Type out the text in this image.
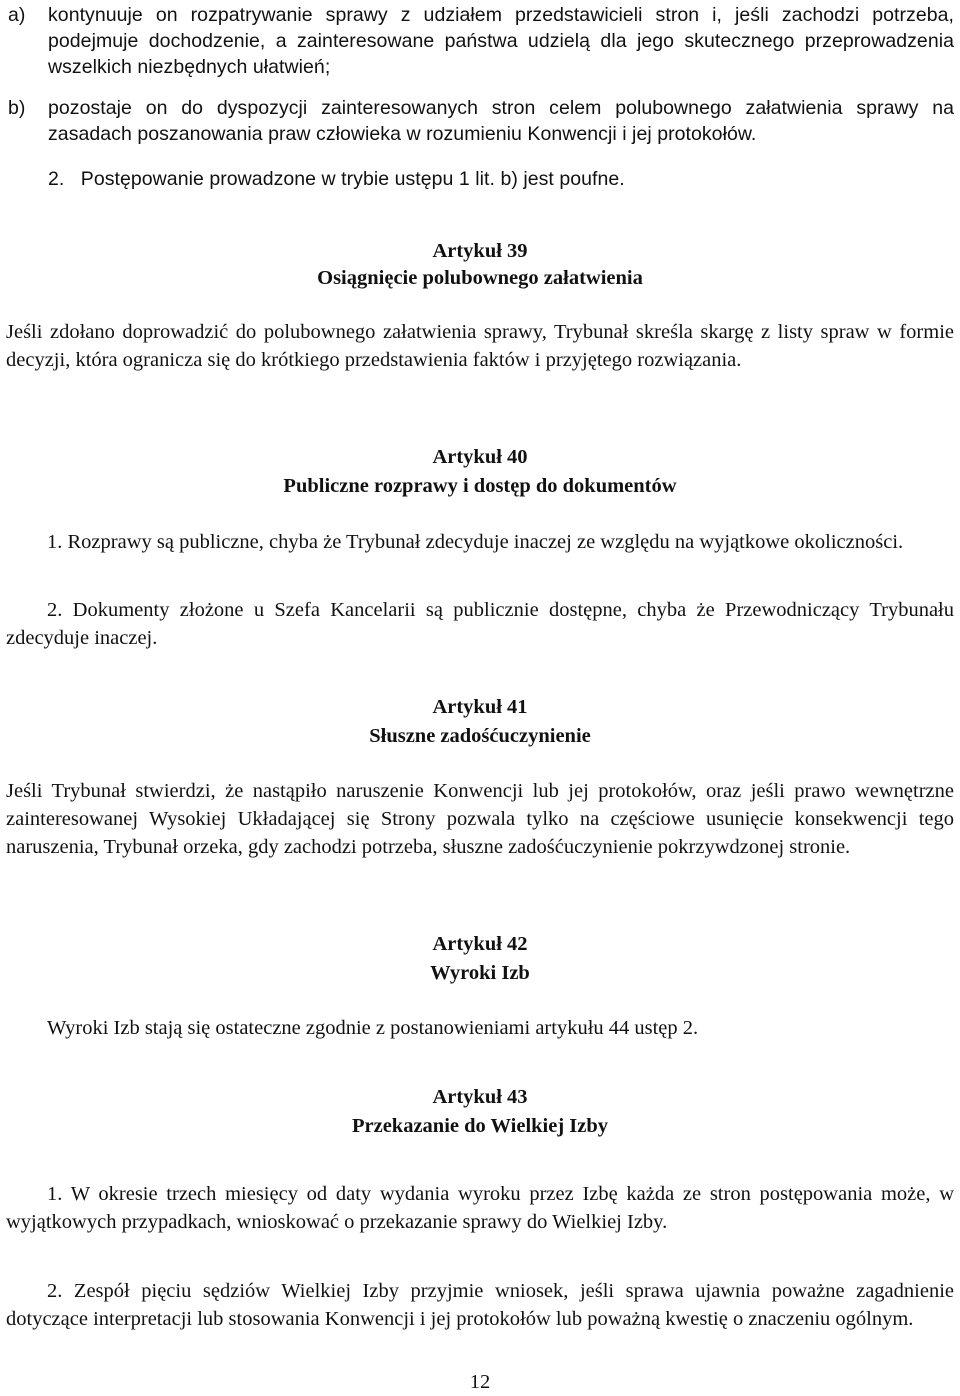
a) kontynuuje on rozpatrywanie sprawy z udziałem przedstawicieli stron i, jeśli zachodzi potrzeba, podejmuje dochodzenie, a zainteresowane państwa udzielą dla jego skutecznego przeprowadzenia wszelkich niezbędnych ułatwień;
b) pozostaje on do dyspozycji zainteresowanych stron celem polubownego załatwienia sprawy na zasadach poszanowania praw człowieka w rozumieniu Konwencji i jej protokołów.
2.   Postępowanie prowadzone w trybie ustępu 1 lit. b) jest poufne.
Artykuł 39
Osiągnięcie polubownego załatwienia
Jeśli zdołano doprowadzić do polubownego załatwienia sprawy, Trybunał skreśla skargę z listy spraw w formie decyzji, która ogranicza się do krótkiego przedstawienia faktów i przyjętego rozwiązania.
Artykuł 40
Publiczne rozprawy i dostęp do dokumentów
1. Rozprawy są publiczne, chyba że Trybunał zdecyduje inaczej ze względu na wyjątkowe okoliczności.
2. Dokumenty złożone u Szefa Kancelarii są publicznie dostępne, chyba że Przewodniczący Trybunału zdecyduje inaczej.
Artykuł 41
Słuszne zadośćuczynienie
Jeśli Trybunał stwierdzi, że nastąpiło naruszenie Konwencji lub jej protokołów, oraz jeśli prawo wewnętrzne zainteresowanej Wysokiej Układającej się Strony pozwala tylko na częściowe usunięcie konsekwencji tego naruszenia, Trybunał orzeka, gdy zachodzi potrzeba, słuszne zadośćuczynienie pokrzywdzonej stronie.
Artykuł 42
Wyroki Izb
Wyroki Izb stają się ostateczne zgodnie z postanowieniami artykułu 44 ustęp 2.
Artykuł 43
Przekazanie do Wielkiej Izby
1. W okresie trzech miesięcy od daty wydania wyroku przez Izbę każda ze stron postępowania może, w wyjątkowych przypadkach, wnioskować o przekazanie sprawy do Wielkiej Izby.
2. Zespół pięciu sędziów Wielkiej Izby przyjmie wniosek, jeśli sprawa ujawnia poważne zagadnienie dotyczące interpretacji lub stosowania Konwencji i jej protokołów lub poważną kwestię o znaczeniu ogólnym.
12
